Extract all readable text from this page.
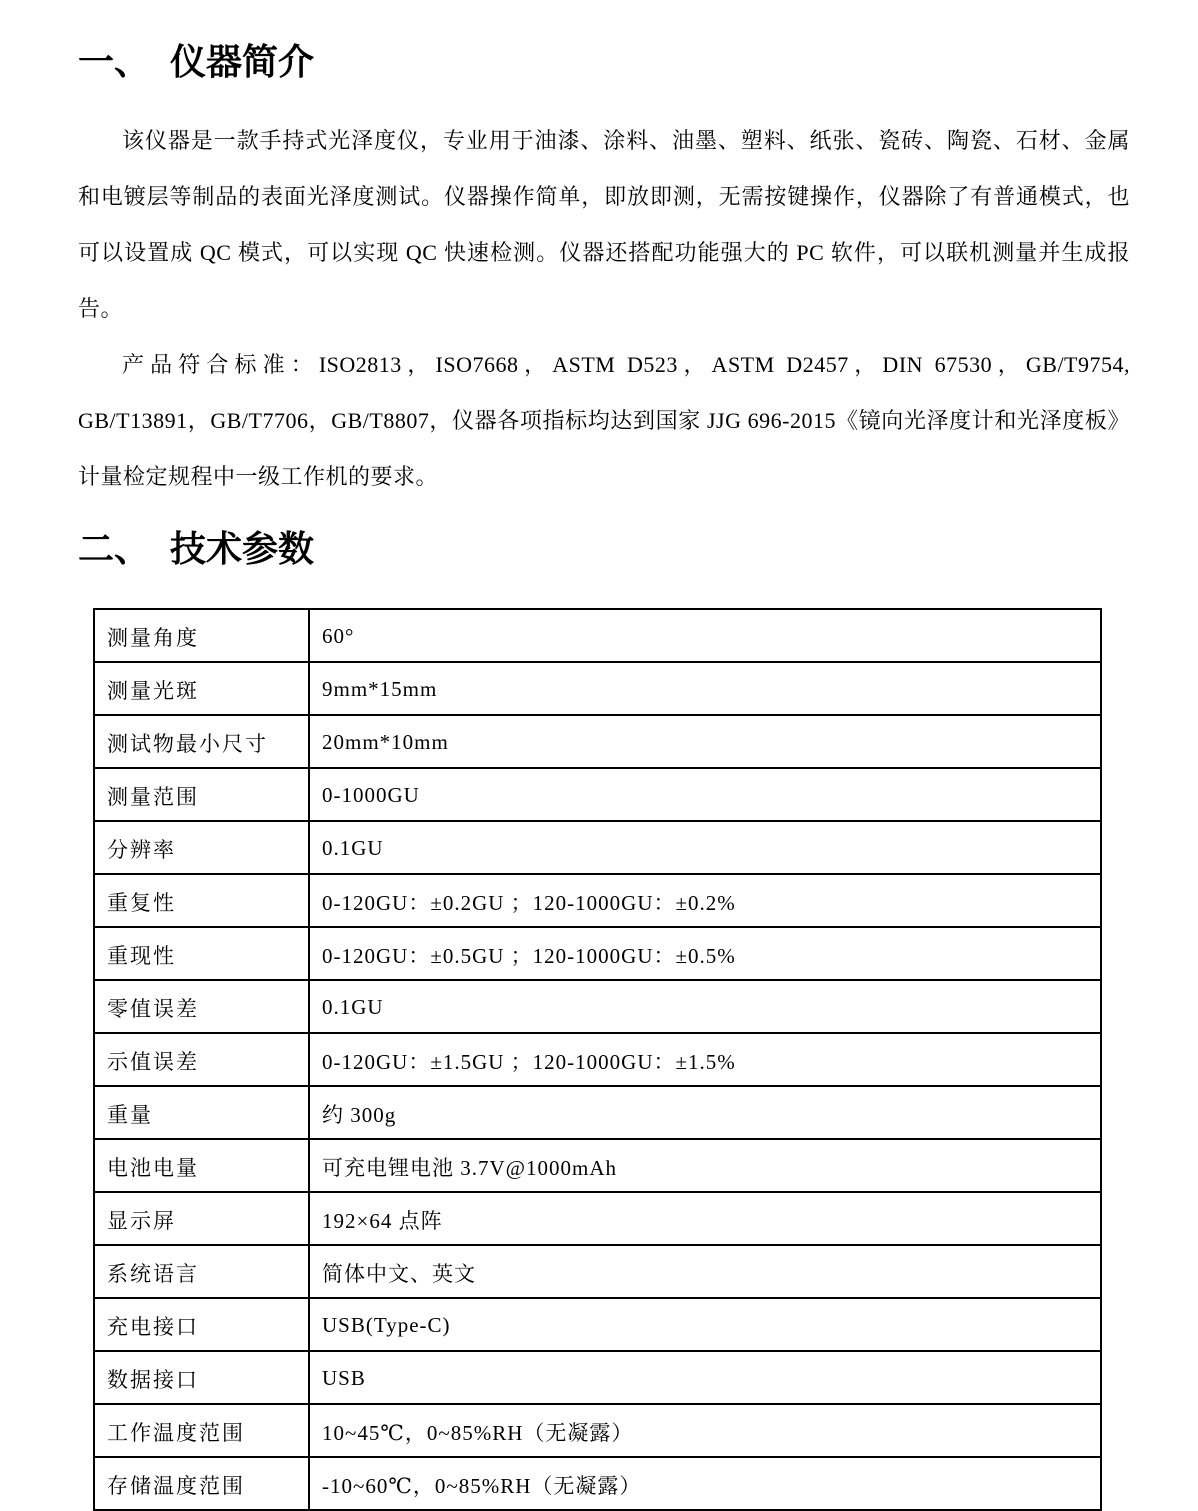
一、 仪器简介

该仪器是一款手持式光泽度仪，专业用于油漆、涂料、油墨、塑料、纸张、瓷砖、陶瓷、石材、金属和电镀层等制品的表面光泽度测试。仪器操作简单，即放即测，无需按键操作，仪器除了有普通模式，也可以设置成 QC 模式，可以实现 QC 快速检测。仪器还搭配功能强大的 PC 软件，可以联机测量并生成报告。

产品符合标准：ISO2813，ISO7668，ASTM D523，ASTM D2457，DIN 67530，GB/T9754, GB/T13891，GB/T7706，GB/T8807，仪器各项指标均达到国家 JJG 696-2015《镜向光泽度计和光泽度板》计量检定规程中一级工作机的要求。

二、 技术参数
测量角度	60°
测量光斑	9mm*15mm
测试物最小尺寸	20mm*10mm
测量范围	0-1000GU
分辨率	0.1GU
重复性	0-120GU：±0.2GU ；120-1000GU：±0.2%
重现性	0-120GU：±0.5GU ；120-1000GU：±0.5%
零值误差	0.1GU
示值误差	0-120GU：±1.5GU ；120-1000GU：±1.5%
重量	约 300g
电池电量	可充电锂电池 3.7V@1000mAh
显示屏	192×64 点阵
系统语言	简体中文、英文
充电接口	USB(Type-C)
数据接口	USB
工作温度范围	10~45℃，0~85%RH（无凝露）
存储温度范围	-10~60℃，0~85%RH（无凝露）
